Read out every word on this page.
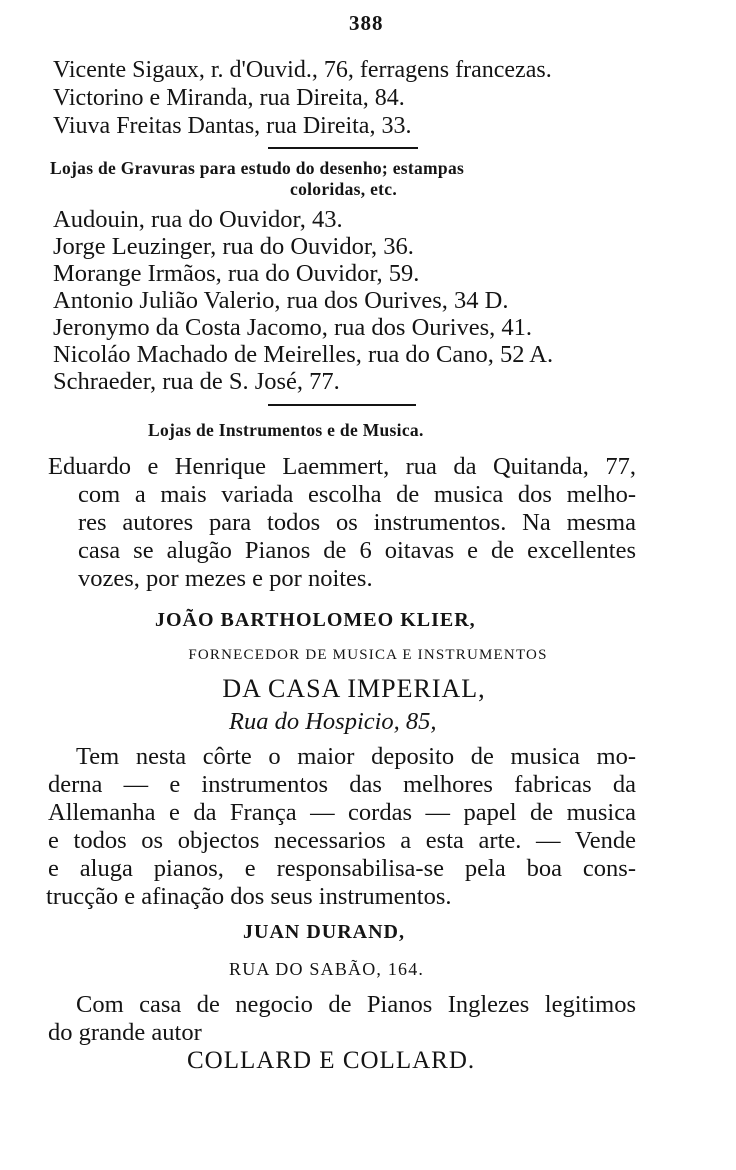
388
Vicente Sigaux, r. d'Ouvid., 76, ferragens francezas.
Victorino e Miranda, rua Direita, 84.
Viuva Freitas Dantas, rua Direita, 33.
Lojas de Gravuras para estudo do desenho; estampas
coloridas, etc.
Audouin, rua do Ouvidor, 43.
Jorge Leuzinger, rua do Ouvidor, 36.
Morange Irmãos, rua do Ouvidor, 59.
Antonio Julião Valerio, rua dos Ourives, 34 D.
Jeronymo da Costa Jacomo, rua dos Ourives, 41.
Nicoláo Machado de Meirelles, rua do Cano, 52 A.
Schraeder, rua de S. José, 77.
Lojas de Instrumentos e de Musica.
Eduardo e Henrique Laemmert, rua da Quitanda, 77,
com a mais variada escolha de musica dos melho-
res autores para todos os instrumentos. Na mesma
casa se alugão Pianos de 6 oitavas e de excellentes
vozes, por mezes e por noites.
JOÃO BARTHOLOMEO KLIER,
FORNECEDOR DE MUSICA E INSTRUMENTOS
DA CASA IMPERIAL,
Rua do Hospicio, 85,
Tem nesta côrte o maior deposito de musica mo-
derna — e instrumentos das melhores fabricas da
Allemanha e da França — cordas — papel de musica
e todos os objectos necessarios a esta arte. — Vende
e aluga pianos, e responsabilisa-se pela boa cons-
trucção e afinação dos seus instrumentos.
JUAN DURAND,
RUA DO SABÃO, 164.
Com casa de negocio de Pianos Inglezes legitimos
do grande autor
COLLARD E COLLARD.
